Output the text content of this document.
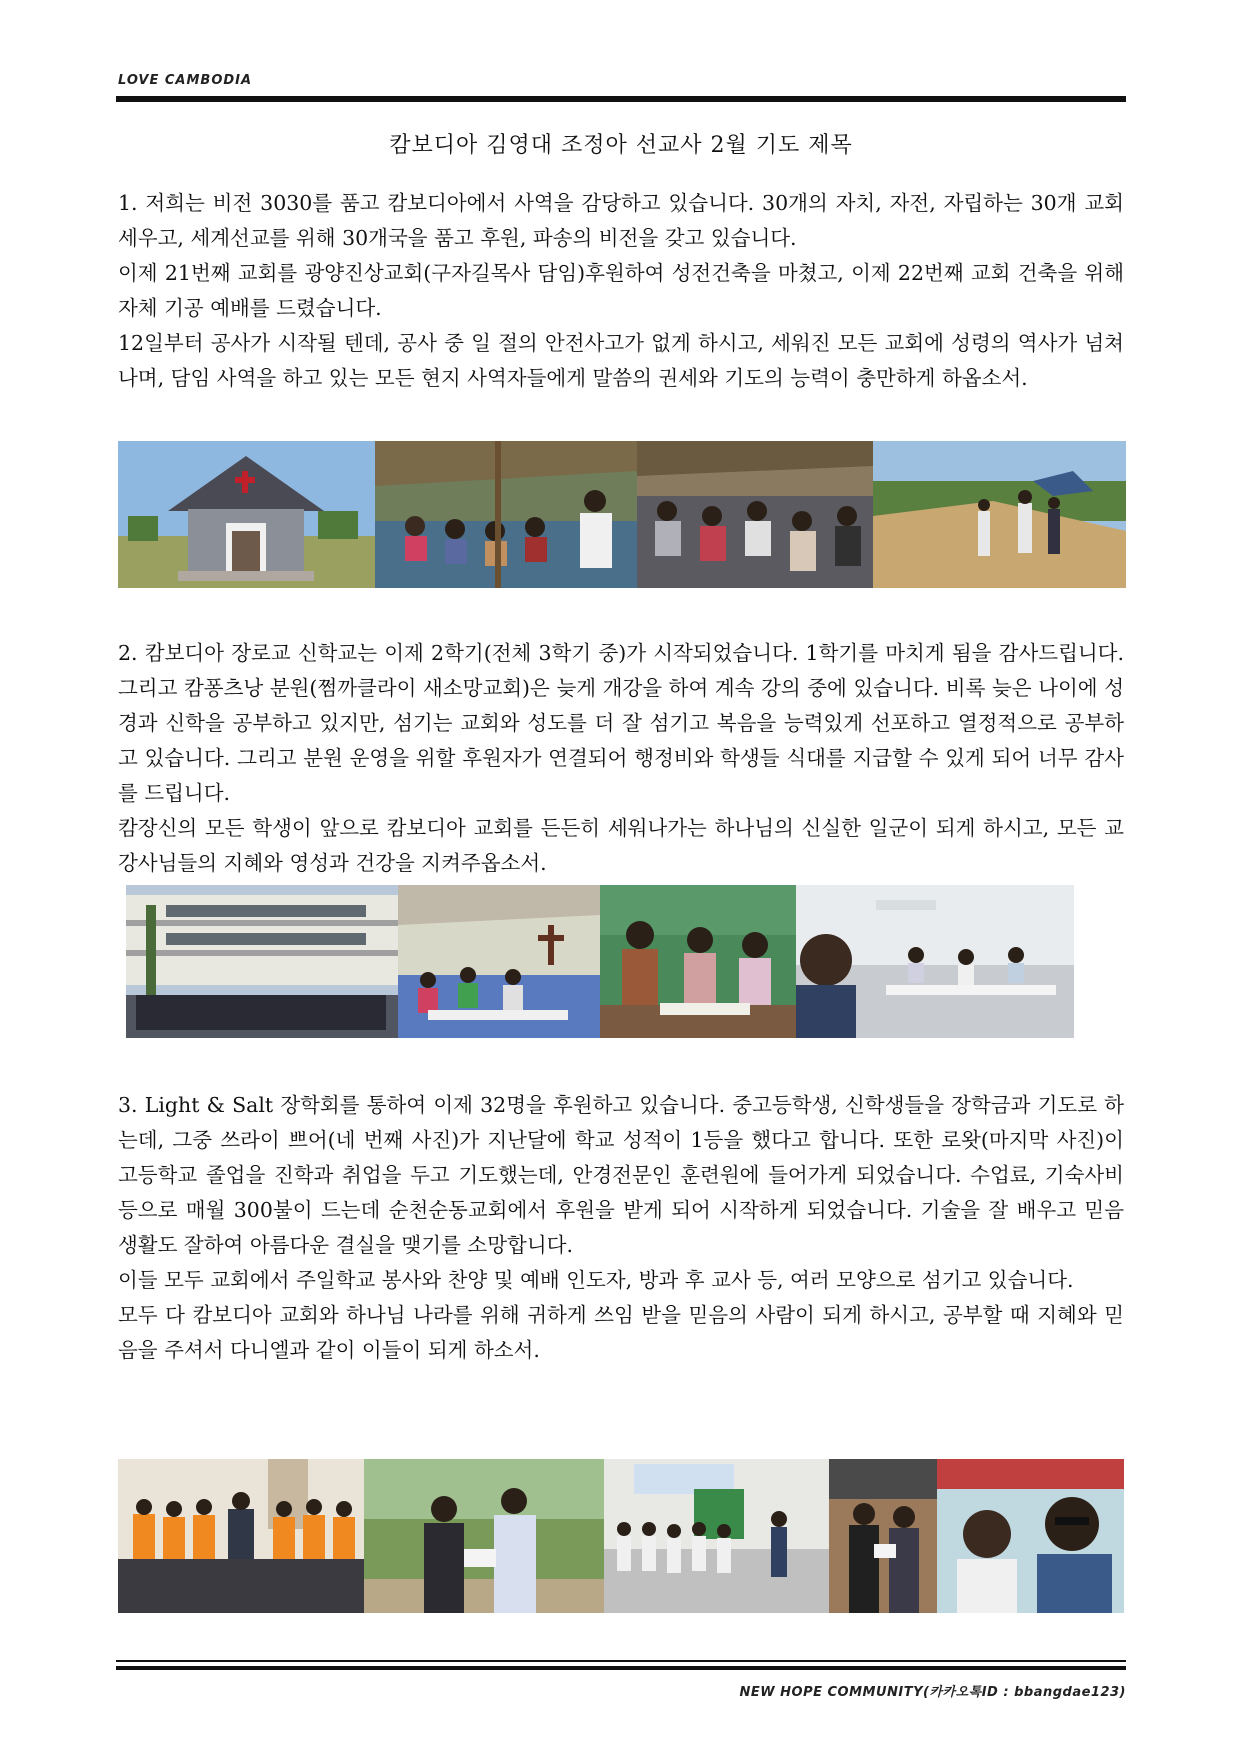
LOVE CAMBODIA
캄보디아 김영대 조정아 선교사 2월 기도 제목

1. 저희는 비전 3030를 품고 캄보디아에서 사역을 감당하고 있습니다. 30개의 자치, 자전, 자립하는 30개 교회 세우고, 세계선교를 위해 30개국을 품고 후원, 파송의 비전을 갖고 있습니다.

이제 21번째 교회를 광양진상교회(구자길목사 담임)후원하여 성전건축을 마쳤고, 이제 22번째 교회 건축을 위해 자체 기공 예배를 드렸습니다.

12일부터 공사가 시작될 텐데, 공사 중 일 절의 안전사고가 없게 하시고, 세워진 모든 교회에 성령의 역사가 넘쳐나며, 담임 사역을 하고 있는 모든 현지 사역자들에게 말씀의 권세와 기도의 능력이 충만하게 하옵소서.

2. 캄보디아 장로교 신학교는 이제 2학기(전체 3학기 중)가 시작되었습니다. 1학기를 마치게 됨을 감사드립니다. 그리고 캄퐁츠낭 분원(쩜까클라이 새소망교회)은 늦게 개강을 하여 계속 강의 중에 있습니다. 비록 늦은 나이에 성경과 신학을 공부하고 있지만, 섬기는 교회와 성도를 더 잘 섬기고 복음을 능력있게 선포하고 열정적으로 공부하고 있습니다. 그리고 분원 운영을 위할 후원자가 연결되어 행정비와 학생들 식대를 지급할 수 있게 되어 너무 감사를 드립니다.

캄장신의 모든 학생이 앞으로 캄보디아 교회를 든든히 세워나가는 하나님의 신실한 일군이 되게 하시고, 모든 교강사님들의 지혜와 영성과 건강을 지켜주옵소서.

3. Light & Salt 장학회를 통하여 이제 32명을 후원하고 있습니다. 중고등학생, 신학생들을 장학금과 기도로 하는데, 그중 쓰라이 쁘어(네 번째 사진)가 지난달에 학교 성적이 1등을 했다고 합니다. 또한 로왓(마지막 사진)이 고등학교 졸업을 진학과 취업을 두고 기도했는데, 안경전문인 훈련원에 들어가게 되었습니다. 수업료, 기숙사비 등으로 매월 300불이 드는데 순천순동교회에서 후원을 받게 되어 시작하게 되었습니다. 기술을 잘 배우고 믿음 생활도 잘하여 아름다운 결실을 맺기를 소망합니다.

이들 모두 교회에서 주일학교 봉사와 찬양 및 예배 인도자, 방과 후 교사 등, 여러 모양으로 섬기고 있습니다.

모두 다 캄보디아 교회와 하나님 나라를 위해 귀하게 쓰임 받을 믿음의 사람이 되게 하시고, 공부할 때 지혜와 믿음을 주셔서 다니엘과 같이 이들이 되게 하소서.

NEW HOPE COMMUNITY(카카오톡ID : bbangdae123)
